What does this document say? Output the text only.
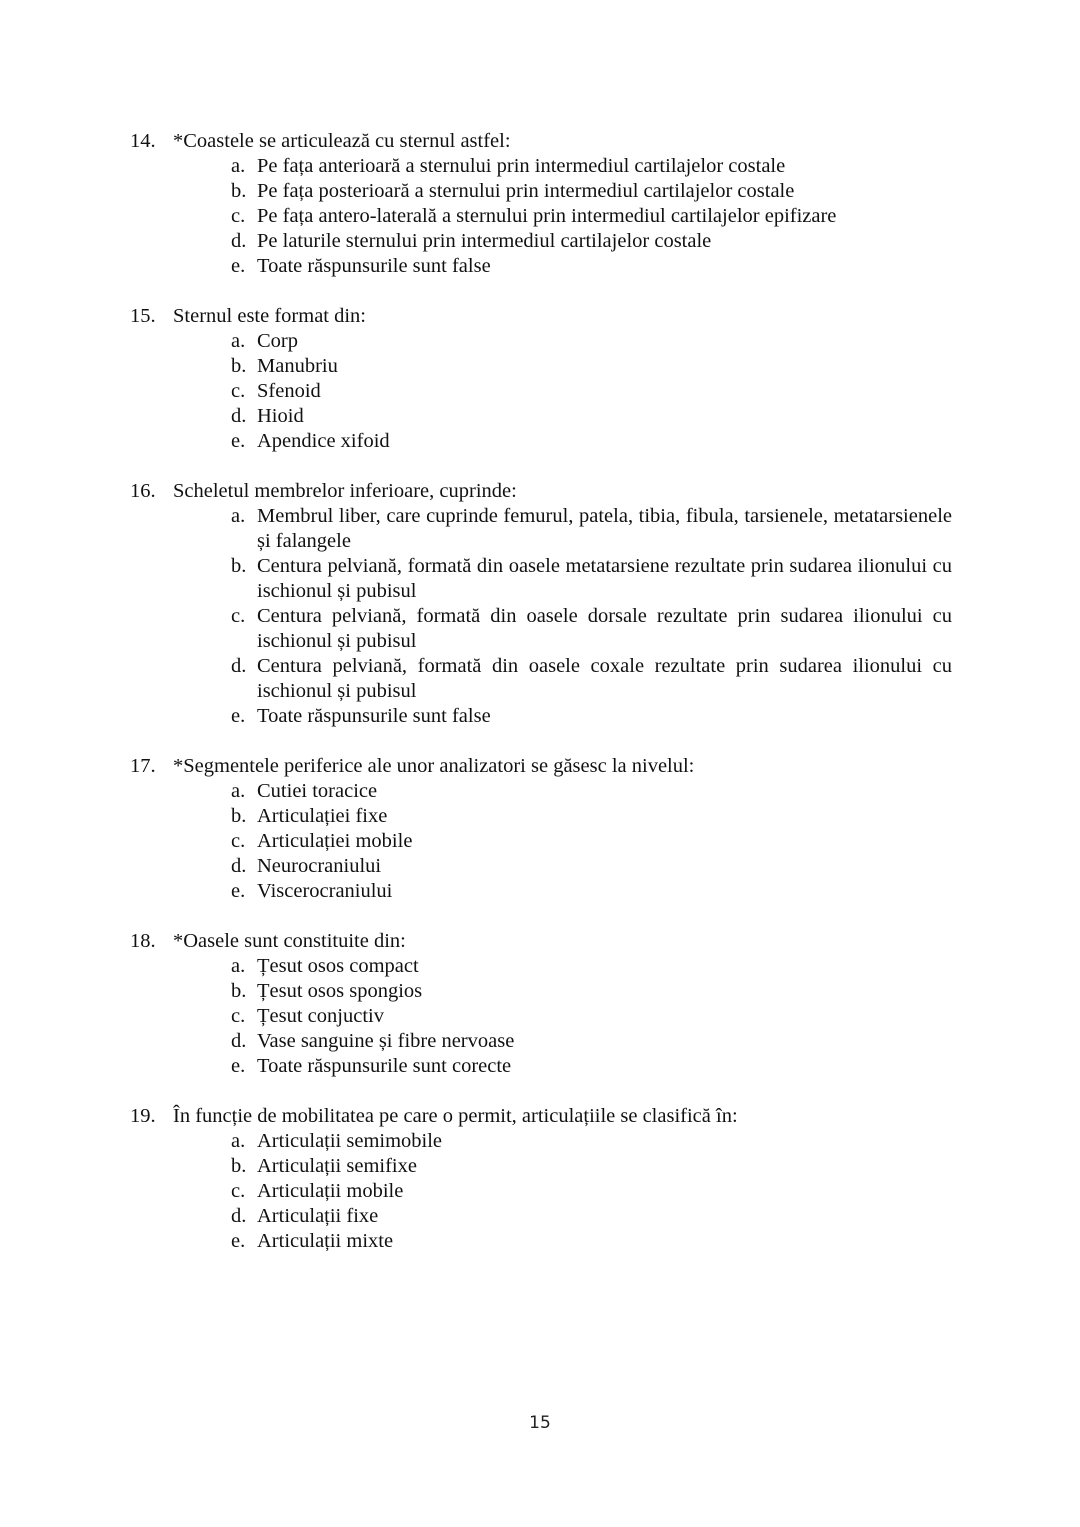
14. *Coastele se articulează cu sternul astfel:
a. Pe fața anterioară a sternului prin intermediul cartilajelor costale
b. Pe fața posterioară a sternului prin intermediul cartilajelor costale
c. Pe fața antero-laterală a sternului prin intermediul cartilajelor epifizare
d. Pe laturile sternului prin intermediul cartilajelor costale
e. Toate răspunsurile sunt false
15. Sternul este format din:
a. Corp
b. Manubriu
c. Sfenoid
d. Hioid
e. Apendice xifoid
16. Scheletul membrelor inferioare, cuprinde:
a. Membrul liber, care cuprinde femurul, patela, tibia, fibula, tarsienele, metatarsienele și falangele
b. Centura pelviană, formată din oasele metatarsiene rezultate prin sudarea ilionului cu ischionul și pubisul
c. Centura pelviană, formată din oasele dorsale rezultate prin sudarea ilionului cu ischionul și pubisul
d. Centura pelviană, formată din oasele coxale rezultate prin sudarea ilionului cu ischionul și pubisul
e. Toate răspunsurile sunt false
17. *Segmentele periferice ale unor analizatori se găsesc la nivelul:
a. Cutiei toracice
b. Articulației fixe
c. Articulației mobile
d. Neurocraniului
e. Viscerocraniului
18. *Oasele sunt constituite din:
a. Țesut osos compact
b. Țesut osos spongios
c. Țesut conjuctiv
d. Vase sanguine și fibre nervoase
e. Toate răspunsurile sunt corecte
19. În funcție de mobilitatea pe care o permit, articulațiile se clasifică în:
a. Articulații semimobile
b. Articulații semifixe
c. Articulații mobile
d. Articulații fixe
e. Articulații mixte
15
